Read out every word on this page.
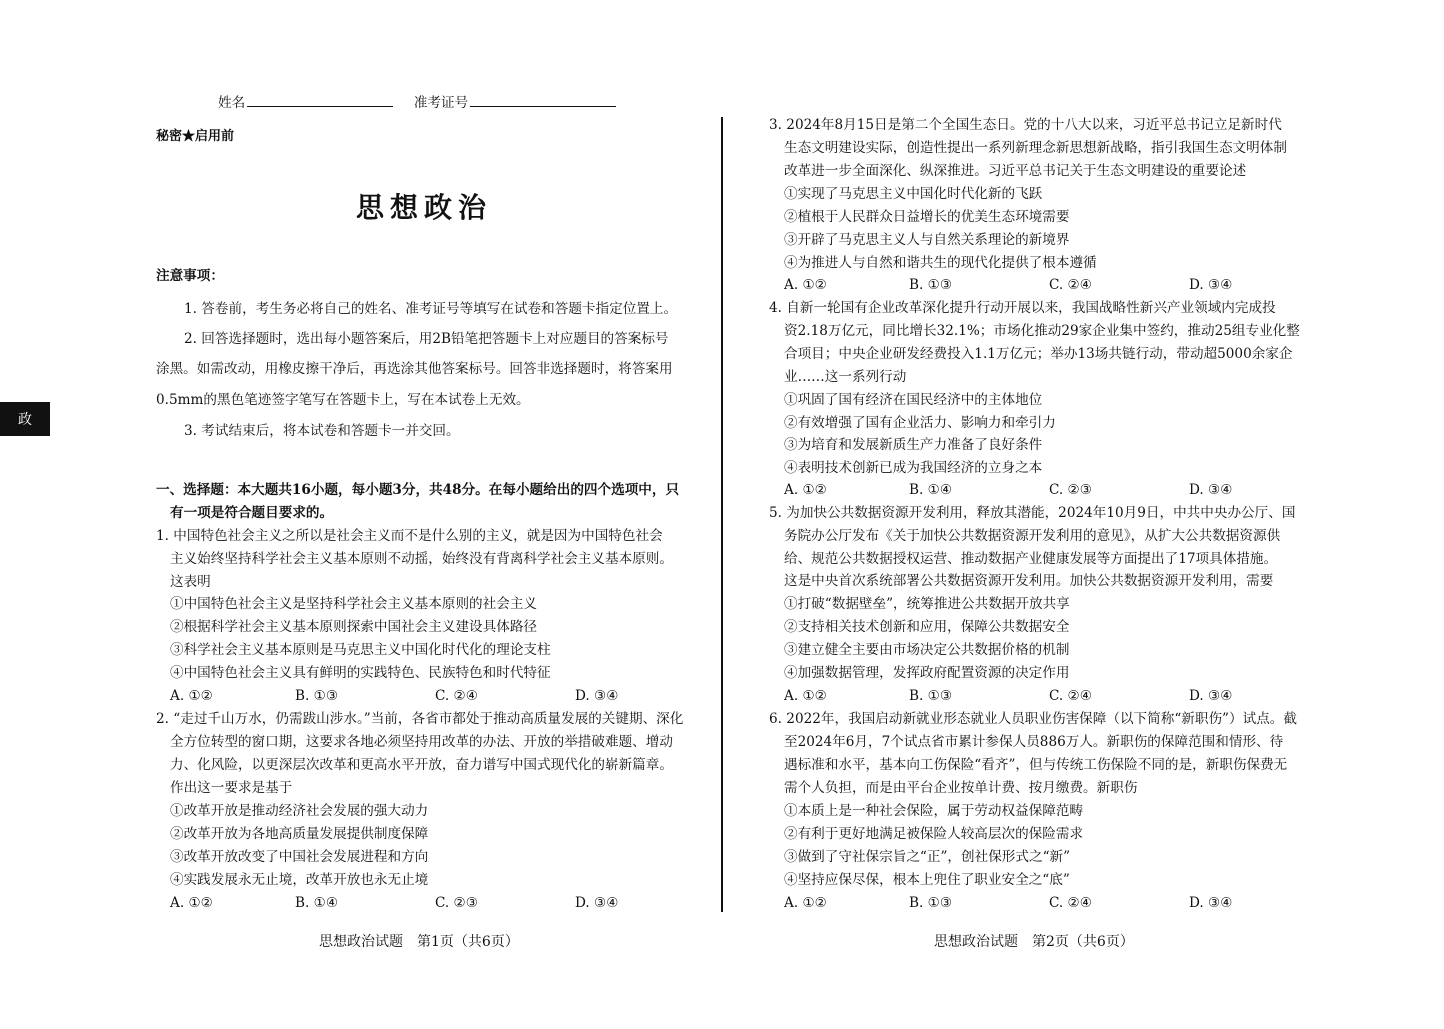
姓名	准考证号
秘密★启用前
思想政治
政
注意事项：
1. 答卷前，考生务必将自己的姓名、准考证号等填写在试卷和答题卡指定位置上。
2. 回答选择题时，选出每小题答案后，用2B铅笔把答题卡上对应题目的答案标号
涂黑。如需改动，用橡皮擦干净后，再选涂其他答案标号。回答非选择题时，将答案用
0.5mm的黑色笔迹签字笔写在答题卡上，写在本试卷上无效。
3. 考试结束后，将本试卷和答题卡一并交回。
一、选择题：本大题共16小题，每小题3分，共48分。在每小题给出的四个选项中，只
有一项是符合题目要求的。
1. 中国特色社会主义之所以是社会主义而不是什么别的主义，就是因为中国特色社会
主义始终坚持科学社会主义基本原则不动摇，始终没有背离科学社会主义基本原则。
这表明
①中国特色社会主义是坚持科学社会主义基本原则的社会主义
②根据科学社会主义基本原则探索中国社会主义建设具体路径
③科学社会主义基本原则是马克思主义中国化时代化的理论支柱
④中国特色社会主义具有鲜明的实践特色、民族特色和时代特征
A. ①②	B. ①③	C. ②④	D. ③④
2. “走过千山万水，仍需跋山涉水。”当前，各省市都处于推动高质量发展的关键期、深化
全方位转型的窗口期，这要求各地必须坚持用改革的办法、开放的举措破难题、增动
力、化风险，以更深层次改革和更高水平开放，奋力谱写中国式现代化的崭新篇章。
作出这一要求是基于
①改革开放是推动经济社会发展的强大动力
②改革开放为各地高质量发展提供制度保障
③改革开放改变了中国社会发展进程和方向
④实践发展永无止境，改革开放也永无止境
A. ①②	B. ①④	C. ②③	D. ③④
3. 2024年8月15日是第二个全国生态日。党的十八大以来，习近平总书记立足新时代
生态文明建设实际，创造性提出一系列新理念新思想新战略，指引我国生态文明体制
改革进一步全面深化、纵深推进。习近平总书记关于生态文明建设的重要论述
①实现了马克思主义中国化时代化新的飞跃
②植根于人民群众日益增长的优美生态环境需要
③开辟了马克思主义人与自然关系理论的新境界
④为推进人与自然和谐共生的现代化提供了根本遵循
A. ①②	B. ①③	C. ②④	D. ③④
4. 自新一轮国有企业改革深化提升行动开展以来，我国战略性新兴产业领域内完成投
资2.18万亿元，同比增长32.1%；市场化推动29家企业集中签约，推动25组专业化整
合项目；中央企业研发经费投入1.1万亿元；举办13场共链行动，带动超5000余家企
业……这一系列行动
①巩固了国有经济在国民经济中的主体地位
②有效增强了国有企业活力、影响力和牵引力
③为培育和发展新质生产力准备了良好条件
④表明技术创新已成为我国经济的立身之本
A. ①②	B. ①④	C. ②③	D. ③④
5. 为加快公共数据资源开发利用，释放其潜能，2024年10月9日，中共中央办公厅、国
务院办公厅发布《关于加快公共数据资源开发利用的意见》，从扩大公共数据资源供
给、规范公共数据授权运营、推动数据产业健康发展等方面提出了17项具体措施。
这是中央首次系统部署公共数据资源开发利用。加快公共数据资源开发利用，需要
①打破“数据壁垒”，统筹推进公共数据开放共享
②支持相关技术创新和应用，保障公共数据安全
③建立健全主要由市场决定公共数据价格的机制
④加强数据管理，发挥政府配置资源的决定作用
A. ①②	B. ①③	C. ②④	D. ③④
6. 2022年，我国启动新就业形态就业人员职业伤害保障（以下简称“新职伤”）试点。截
至2024年6月，7个试点省市累计参保人员886万人。新职伤的保障范围和情形、待
遇标准和水平，基本向工伤保险“看齐”，但与传统工伤保险不同的是，新职伤保费无
需个人负担，而是由平台企业按单计费、按月缴费。新职伤
①本质上是一种社会保险，属于劳动权益保障范畴
②有利于更好地满足被保险人较高层次的保险需求
③做到了守社保宗旨之“正”，创社保形式之“新”
④坚持应保尽保，根本上兜住了职业安全之“底”
A. ①②	B. ①③	C. ②④	D. ③④
思想政治试题　第1页（共6页）	思想政治试题　第2页（共6页）
